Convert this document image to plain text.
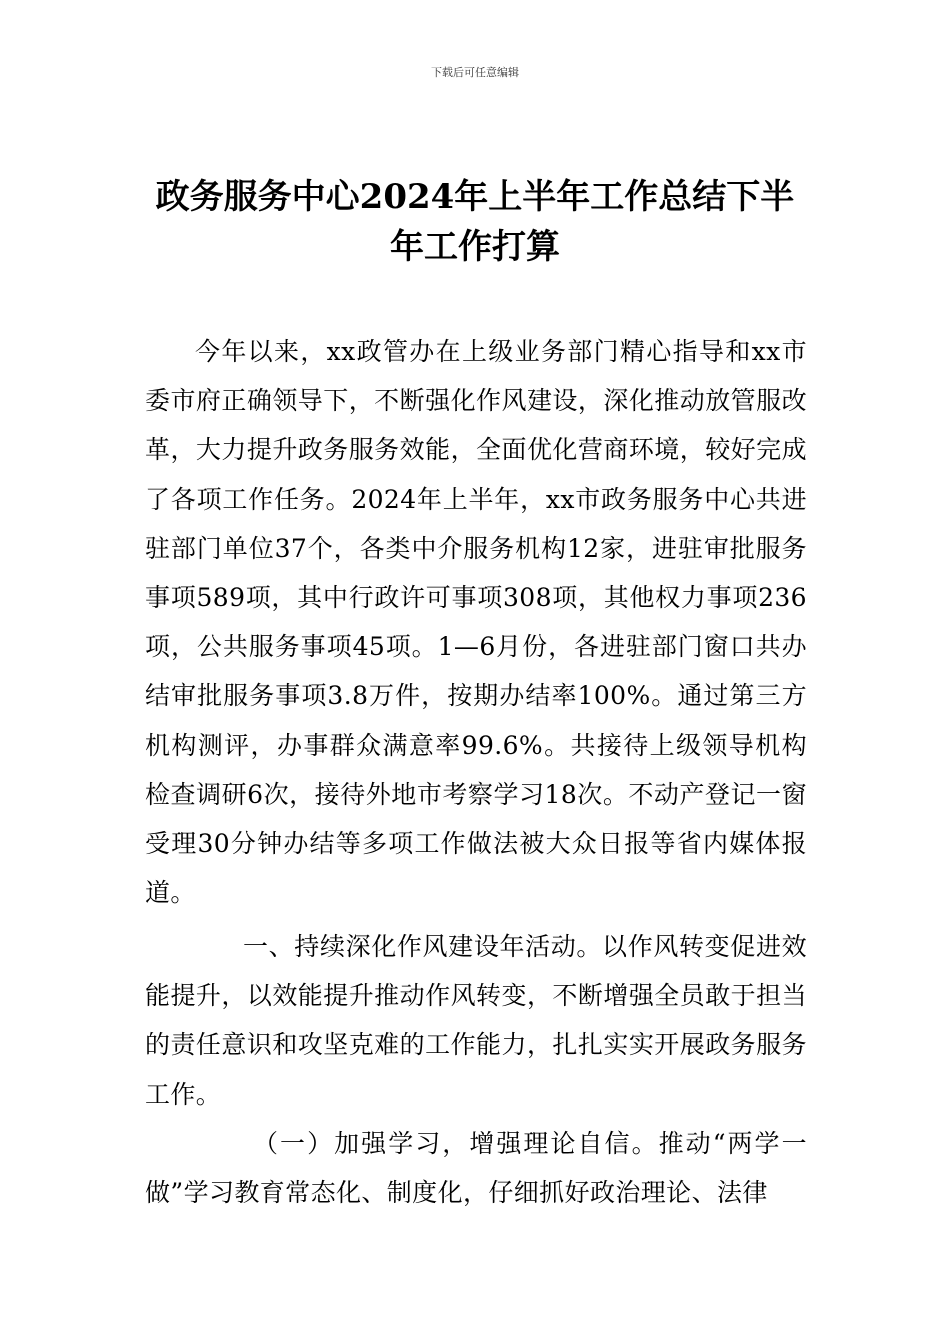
下载后可任意编辑
政务服务中心2024年上半年工作总结下半年工作打算

今年以来，xx政管办在上级业务部门精心指导和xx市委市府正确领导下，不断强化作风建设，深化推动放管服改革，大力提升政务服务效能，全面优化营商环境，较好完成了各项工作任务。2024年上半年，xx市政务服务中心共进驻部门单位37个，各类中介服务机构12家，进驻审批服务事项589项，其中行政许可事项308项，其他权力事项236项，公共服务事项45项。1—6月份，各进驻部门窗口共办结审批服务事项3.8万件，按期办结率100%。通过第三方机构测评，办事群众满意率99.6%。共接待上级领导机构检查调研6次，接待外地市考察学习18次。不动产登记一窗受理30分钟办结等多项工作做法被大众日报等省内媒体报道。

一、持续深化作风建设年活动。以作风转变促进效能提升，以效能提升推动作风转变，不断增强全员敢于担当的责任意识和攻坚克难的工作能力，扎扎实实开展政务服务工作。

（一）加强学习，增强理论自信。推动“两学一做”学习教育常态化、制度化，仔细抓好政治理论、法律
